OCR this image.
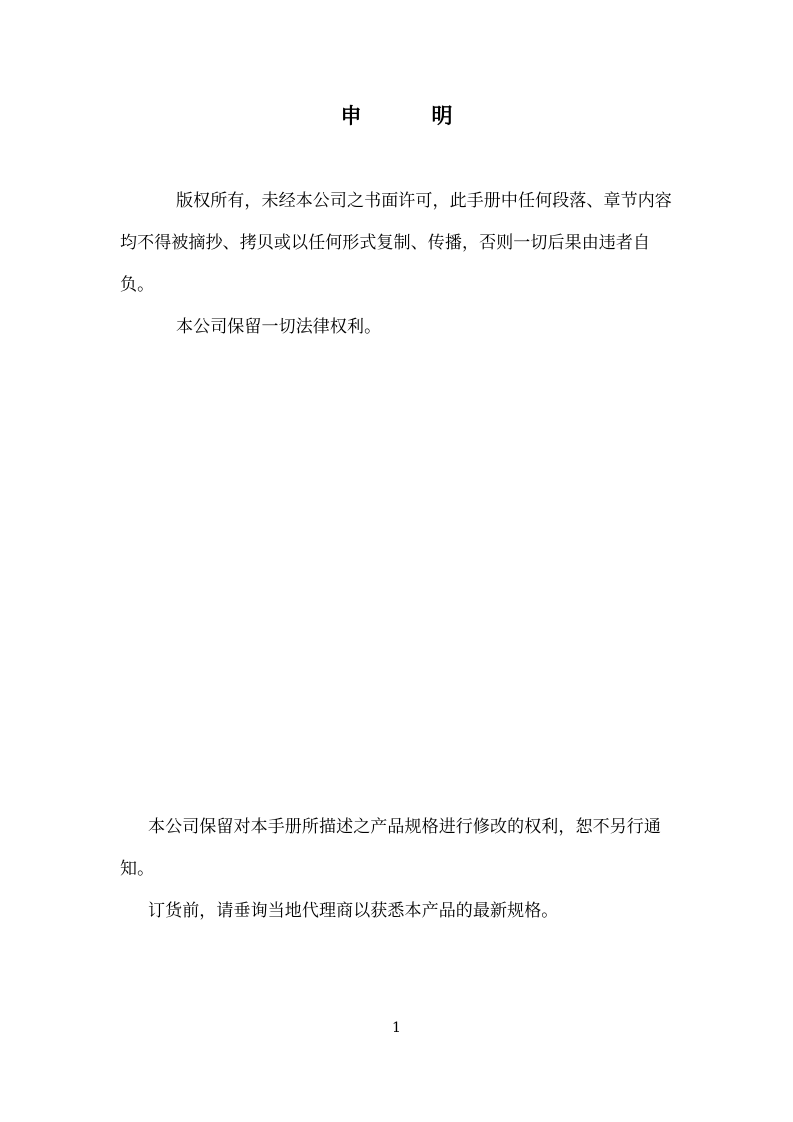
申	明

版权所有，未经本公司之书面许可，此手册中任何段落、章节内容均不得被摘抄、拷贝或以任何形式复制、传播，否则一切后果由违者自负。

本公司保留一切法律权利。

本公司保留对本手册所描述之产品规格进行修改的权利，恕不另行通知。

订货前，请垂询当地代理商以获悉本产品的最新规格。

1
